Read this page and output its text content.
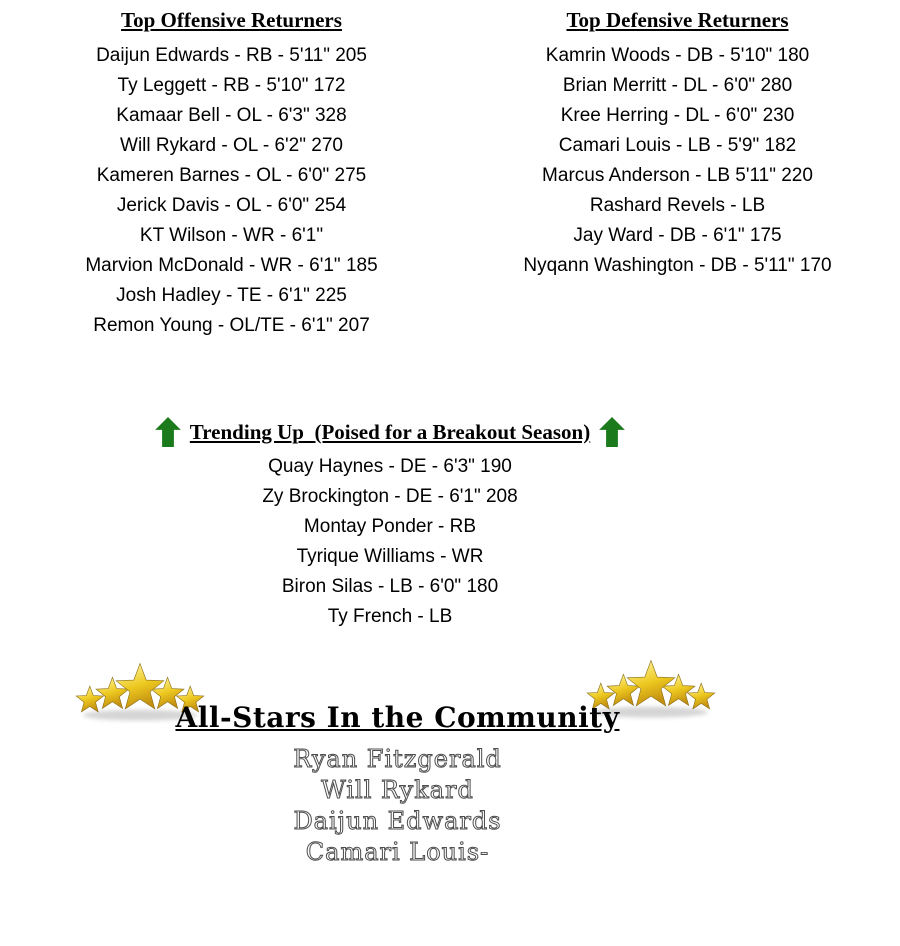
Top Offensive Returners
Daijun Edwards - RB - 5'11" 205
Ty Leggett - RB - 5'10" 172
Kamaar Bell - OL - 6'3" 328
Will Rykard - OL - 6'2" 270
Kameren Barnes - OL - 6'0" 275
Jerick Davis - OL - 6'0" 254
KT Wilson - WR - 6'1"
Marvion McDonald - WR - 6'1" 185
Josh Hadley - TE - 6'1" 225
Remon Young - OL/TE - 6'1" 207
Top Defensive Returners
Kamrin Woods - DB - 5'10" 180
Brian Merritt - DL - 6'0" 280
Kree Herring - DL - 6'0" 230
Camari Louis - LB - 5'9" 182
Marcus Anderson - LB 5'11" 220
Rashard Revels - LB
Jay Ward - DB - 6'1" 175
Nyqann Washington - DB - 5'11" 170
Trending Up  (Poised for a Breakout Season)
Quay Haynes - DE - 6'3" 190
Zy Brockington - DE - 6'1" 208
Montay Ponder - RB
Tyrique Williams - WR
Biron Silas - LB - 6'0" 180
Ty French - LB
All-Stars In the Community
Ryan Fitzgerald
Will Rykard
Daijun Edwards
Camari Louis-
